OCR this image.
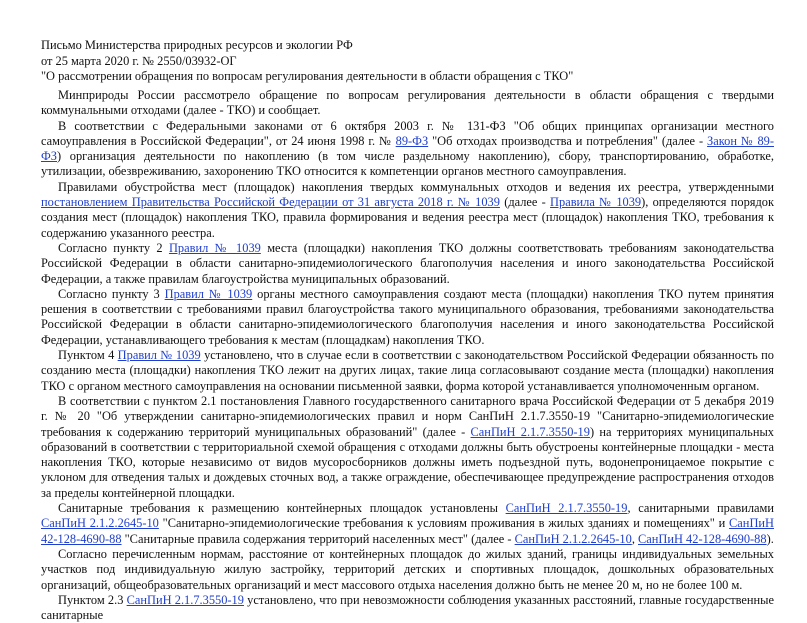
Письмо Министерства природных ресурсов и экологии РФ
от 25 марта 2020 г. № 2550/03932-ОГ
"О рассмотрении обращения по вопросам регулирования деятельности в области обращения с ТКО"

Минприроды России рассмотрело обращение по вопросам регулирования деятельности в области обращения с твердыми коммунальными отходами (далее - ТКО) и сообщает.

В соответствии с Федеральными законами от 6 октября 2003 г. № 131-ФЗ "Об общих принципах организации местного самоуправления в Российской Федерации", от 24 июня 1998 г. № 89-ФЗ "Об отходах производства и потребления" (далее - Закон № 89-ФЗ) организация деятельности по накоплению (в том числе раздельному накоплению), сбору, транспортированию, обработке, утилизации, обезвреживанию, захоронению ТКО относится к компетенции органов местного самоуправления.

Правилами обустройства мест (площадок) накопления твердых коммунальных отходов и ведения их реестра, утвержденными постановлением Правительства Российской Федерации от 31 августа 2018 г. № 1039 (далее - Правила № 1039), определяются порядок создания мест (площадок) накопления ТКО, правила формирования и ведения реестра мест (площадок) накопления ТКО, требования к содержанию указанного реестра.

Согласно пункту 2 Правил № 1039 места (площадки) накопления ТКО должны соответствовать требованиям законодательства Российской Федерации в области санитарно-эпидемиологического благополучия населения и иного законодательства Российской Федерации, а также правилам благоустройства муниципальных образований.

Согласно пункту 3 Правил № 1039 органы местного самоуправления создают места (площадки) накопления ТКО путем принятия решения в соответствии с требованиями правил благоустройства такого муниципального образования, требованиями законодательства Российской Федерации в области санитарно-эпидемиологического благополучия населения и иного законодательства Российской Федерации, устанавливающего требования к местам (площадкам) накопления ТКО.

Пунктом 4 Правил № 1039 установлено, что в случае если в соответствии с законодательством Российской Федерации обязанность по созданию места (площадки) накопления ТКО лежит на других лицах, такие лица согласовывают создание места (площадки) накопления ТКО с органом местного самоуправления на основании письменной заявки, форма которой устанавливается уполномоченным органом.

В соответствии с пунктом 2.1 постановления Главного государственного санитарного врача Российской Федерации от 5 декабря 2019 г. № 20 "Об утверждении санитарно-эпидемиологических правил и норм СанПиН 2.1.7.3550-19 "Санитарно-эпидемиологические требования к содержанию территорий муниципальных образований" (далее - СанПиН 2.1.7.3550-19) на территориях муниципальных образований в соответствии с территориальной схемой обращения с отходами должны быть обустроены контейнерные площадки - места накопления ТКО, которые независимо от видов мусоросборников должны иметь подъездной путь, водонепроницаемое покрытие с уклоном для отведения талых и дождевых сточных вод, а также ограждение, обеспечивающее предупреждение распространения отходов за пределы контейнерной площадки.

Санитарные требования к размещению контейнерных площадок установлены СанПиН 2.1.7.3550-19, санитарными правилами СанПиН 2.1.2.2645-10 "Санитарно-эпидемиологические требования к условиям проживания в жилых зданиях и помещениях" и СанПиН 42-128-4690-88 "Санитарные правила содержания территорий населенных мест" (далее - СанПиН 2.1.2.2645-10, СанПиН 42-128-4690-88).

Согласно перечисленным нормам, расстояние от контейнерных площадок до жилых зданий, границы индивидуальных земельных участков под индивидуальную жилую застройку, территорий детских и спортивных площадок, дошкольных образовательных организаций, общеобразовательных организаций и мест массового отдыха населения должно быть не менее 20 м, но не более 100 м.

Пунктом 2.3 СанПиН 2.1.7.3550-19 установлено, что при невозможности соблюдения указанных расстояний, главные государственные санитарные
